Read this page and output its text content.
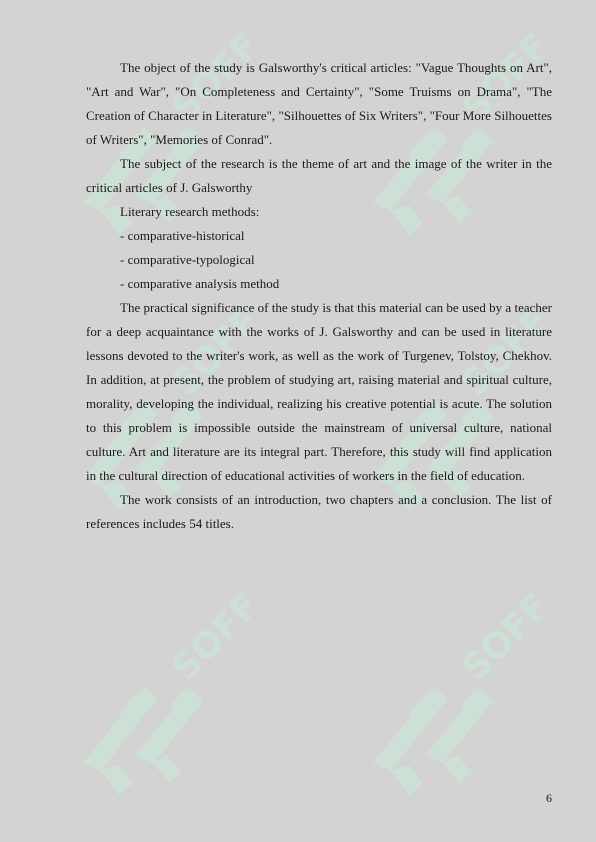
SOFF	SOFF
SOFF	SOFF
SOFF	SOFF

The object of the study is Galsworthy's critical articles: "Vague Thoughts on Art", "Art and War", "On Completeness and Certainty", "Some Truisms on Drama", "The Creation of Character in Literature", "Silhouettes of Six Writers", "Four More Silhouettes of Writers", "Memories of Conrad".

The subject of the research is the theme of art and the image of the writer in the critical articles of J. Galsworthy

Literary research methods:

- comparative-historical

- comparative-typological

- comparative analysis method

The practical significance of the study is that this material can be used by a teacher for a deep acquaintance with the works of J. Galsworthy and can be used in literature lessons devoted to the writer's work, as well as the work of Turgenev, Tolstoy, Chekhov. In addition, at present, the problem of studying art, raising material and spiritual culture, morality, developing the individual, realizing his creative potential is acute. The solution to this problem is impossible outside the mainstream of universal culture, national culture. Art and literature are its integral part. Therefore, this study will find application in the cultural direction of educational activities of workers in the field of education.

The work consists of an introduction, two chapters and a conclusion. The list of references includes 54 titles.

6
